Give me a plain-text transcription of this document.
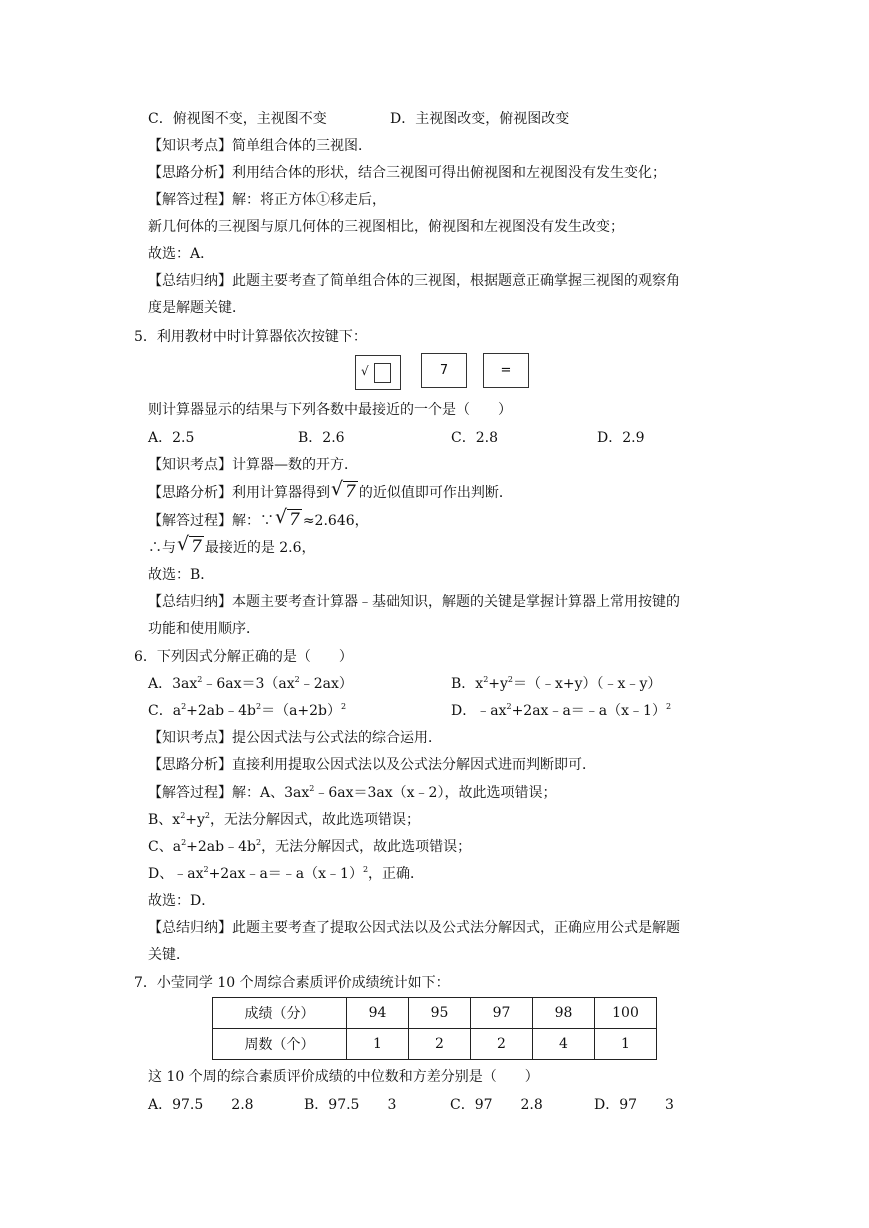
C．俯视图不变，主视图不变	D．主视图改变，俯视图改变
【知识考点】简单组合体的三视图．
【思路分析】利用结合体的形状，结合三视图可得出俯视图和左视图没有发生变化；
【解答过程】解：将正方体①移走后，
新几何体的三视图与原几何体的三视图相比，俯视图和左视图没有发生改变；
故选：A．
【总结归纳】此题主要考查了简单组合体的三视图，根据题意正确掌握三视图的观察角
度是解题关键．
5．利用教材中时计算器依次按键下：
√	7	=
则计算器显示的结果与下列各数中最接近的一个是（　　）
A．2.5	B．2.6	C．2.8	D．2.9
【知识考点】计算器—数的开方．
【思路分析】利用计算器得到 √ 7 的近似值即可作出判断．
【解答过程】解：∵ √ 7 ≈2.646，
∴与 √ 7 最接近的是 2.6，
故选：B．
【总结归纳】本题主要考查计算器﹣基础知识，解题的关键是掌握计算器上常用按键的
功能和使用顺序．
6．下列因式分解正确的是（　　）
A．$3ax^2﹣6ax=3(ax^2﹣2ax)$	B．$x^2+y^2=(﹣x+y)(﹣x﹣y)$
C．$a^2+2ab﹣4b^2=(a+2b)^2$	D．$﹣ax^2+2ax﹣a=﹣a(x﹣1)^2$
【知识考点】提公因式法与公式法的综合运用．
【思路分析】直接利用提取公因式法以及公式法分解因式进而判断即可．
【解答过程】解：A、$3ax^2﹣6ax=3ax(x﹣2)$，故此选项错误；
B、$x^2+y^2$，无法分解因式，故此选项错误；
C、$a^2+2ab﹣4b^2$，无法分解因式，故此选项错误；
D、$﹣ax^2+2ax﹣a=﹣a(x﹣1)^2$，正确．
故选：D．
【总结归纳】此题主要考查了提取公因式法以及公式法分解因式，正确应用公式是解题
关键．
7．小莹同学 10 个周综合素质评价成绩统计如下：
成绩（分）	94	95	97	98	100
周数（个）	1	2	2	4	1
这 10 个周的综合素质评价成绩的中位数和方差分别是（　　）
A．97.5　　2.8	B．97.5　　3	C．97　　2.8	D．97　　3
